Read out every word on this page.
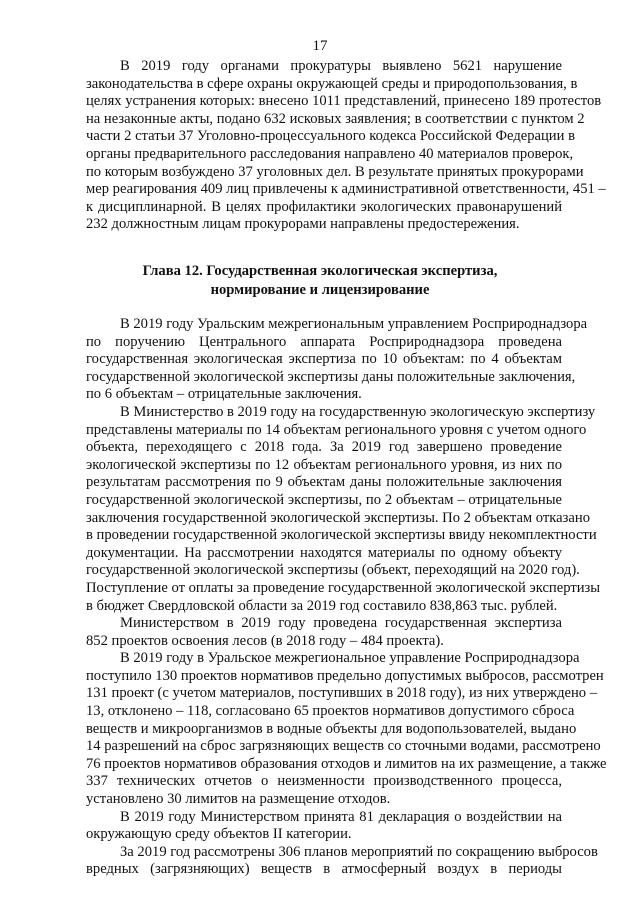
17
В 2019 году органами прокуратуры выявлено 5621 нарушение
законодательства в сфере охраны окружающей среды и природопользования, в
целях устранения которых: внесено 1011 представлений, принесено 189 протестов
на незаконные акты, подано 632 исковых заявления; в соответствии с пунктом 2
части 2 статьи 37 Уголовно-процессуального кодекса Российской Федерации в
органы предварительного расследования направлено 40 материалов проверок,
по которым возбуждено 37 уголовных дел. В результате принятых прокурорами
мер реагирования 409 лиц привлечены к административной ответственности, 451 –
к дисциплинарной. В целях профилактики экологических правонарушений
232 должностным лицам прокурорами направлены предостережения.
Глава 12. Государственная экологическая экспертиза,
нормирование и лицензирование
В 2019 году Уральским межрегиональным управлением Росприроднадзора
по поручению Центрального аппарата Росприроднадзора проведена
государственная экологическая экспертиза по 10 объектам: по 4 объектам
государственной экологической экспертизы даны положительные заключения,
по 6 объектам – отрицательные заключения.
В Министерство в 2019 году на государственную экологическую экспертизу
представлены материалы по 14 объектам регионального уровня с учетом одного
объекта, переходящего с 2018 года. За 2019 год завершено проведение
экологической экспертизы по 12 объектам регионального уровня, из них по
результатам рассмотрения по 9 объектам даны положительные заключения
государственной экологической экспертизы, по 2 объектам – отрицательные
заключения государственной экологической экспертизы. По 2 объектам отказано
в проведении государственной экологической экспертизы ввиду некомплектности
документации. На рассмотрении находятся материалы по одному объекту
государственной экологической экспертизы (объект, переходящий на 2020 год).
Поступление от оплаты за проведение государственной экологической экспертизы
в бюджет Свердловской области за 2019 год составило 838,863 тыс. рублей.
Министерством в 2019 году проведена государственная экспертиза
852 проектов освоения лесов (в 2018 году – 484 проекта).
В 2019 году в Уральское межрегиональное управление Росприроднадзора
поступило 130 проектов нормативов предельно допустимых выбросов, рассмотрен
131 проект (с учетом материалов, поступивших в 2018 году), из них утверждено –
13, отклонено – 118, согласовано 65 проектов нормативов допустимого сброса
веществ и микроорганизмов в водные объекты для водопользователей, выдано
14 разрешений на сброс загрязняющих веществ со сточными водами, рассмотрено
76 проектов нормативов образования отходов и лимитов на их размещение, а также
337 технических отчетов о неизменности производственного процесса,
установлено 30 лимитов на размещение отходов.
В 2019 году Министерством принята 81 декларация о воздействии на
окружающую среду объектов II категории.
За 2019 год рассмотрены 306 планов мероприятий по сокращению выбросов
вредных (загрязняющих) веществ в атмосферный воздух в периоды
